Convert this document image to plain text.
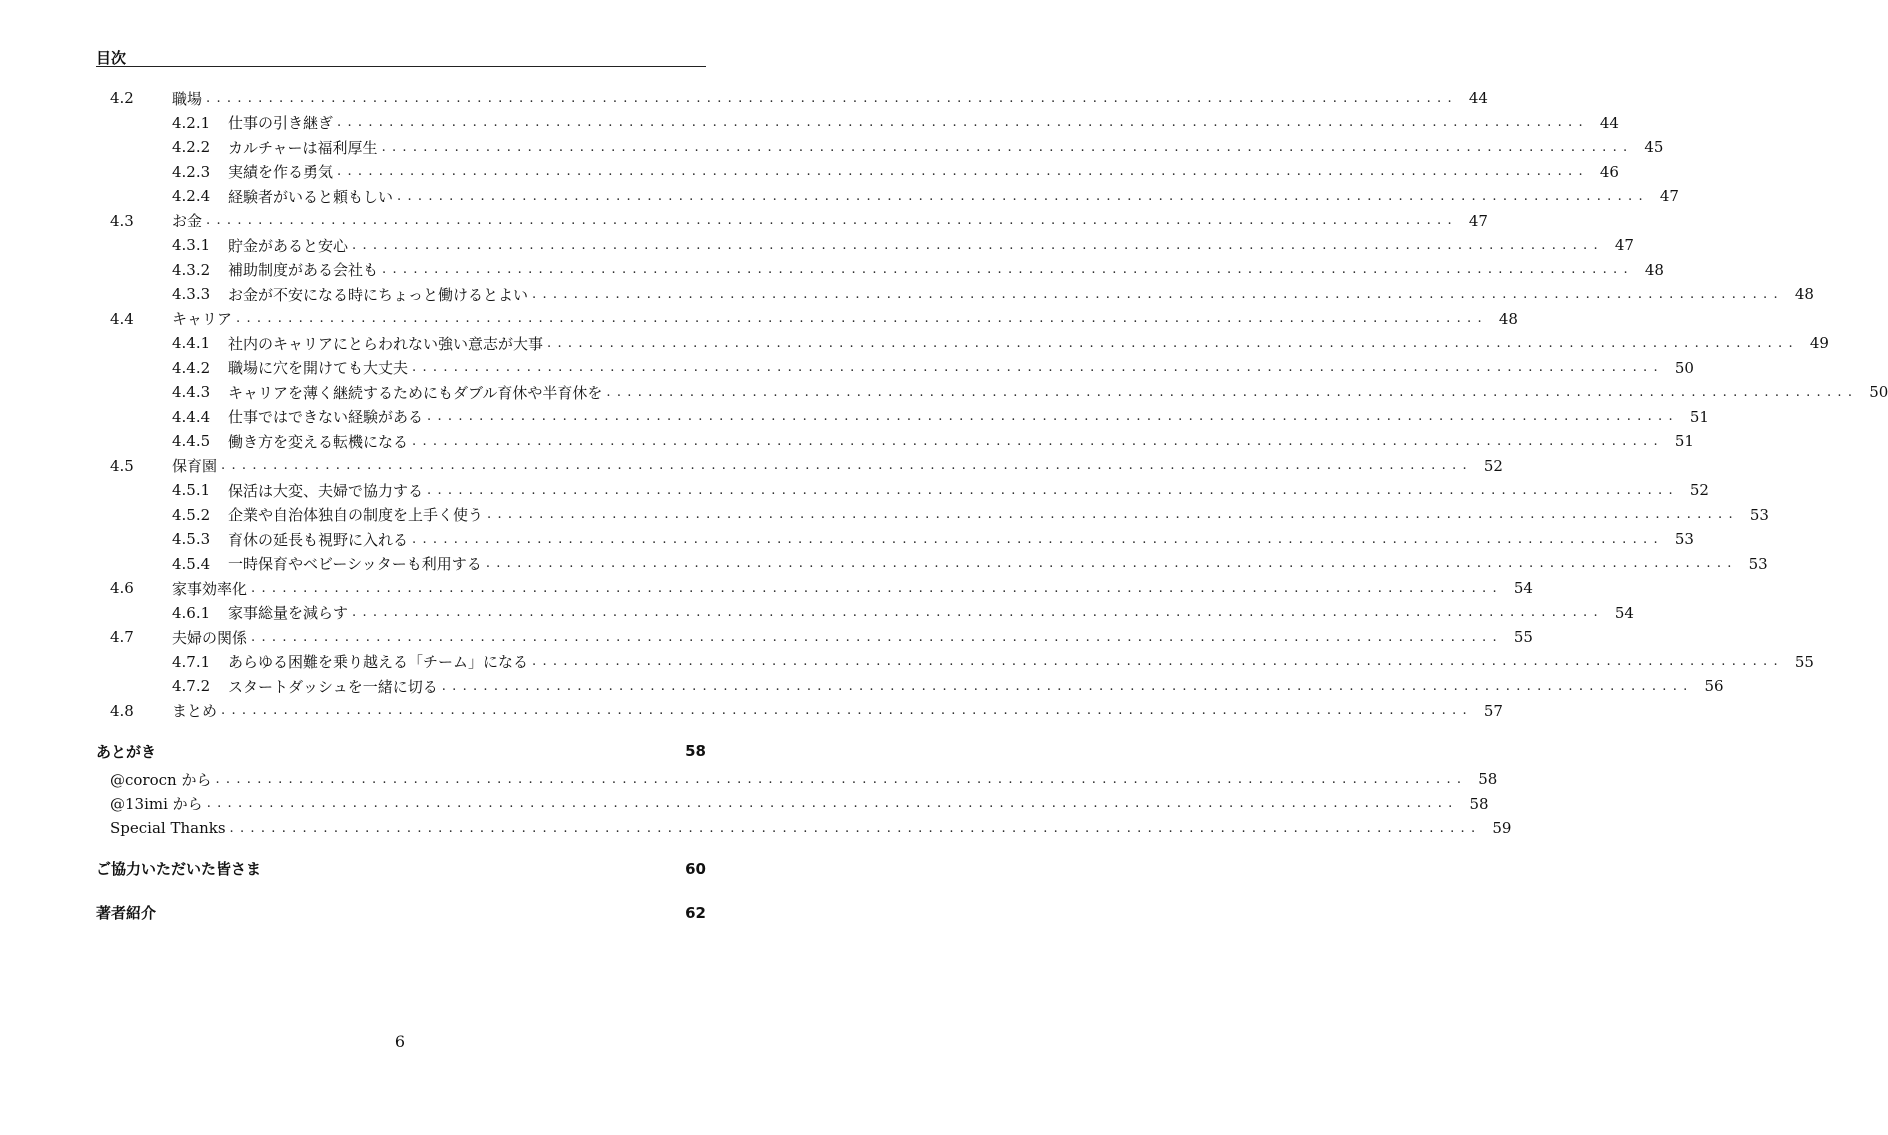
目次
4.2	職場 ........................................................................................................................ 44
4.2.1	仕事の引き継ぎ ........................................................................................................................ 44
4.2.2	カルチャーは福利厚生 ........................................................................................................................ 45
4.2.3	実績を作る勇気 ........................................................................................................................ 46
4.2.4	経験者がいると頼もしい ........................................................................................................................ 47
4.3	お金 ........................................................................................................................ 47
4.3.1	貯金があると安心 ........................................................................................................................ 47
4.3.2	補助制度がある会社も ........................................................................................................................ 48
4.3.3	お金が不安になる時にちょっと働けるとよい ........................................................................................................................ 48
4.4	キャリア ........................................................................................................................ 48
4.4.1	社内のキャリアにとらわれない強い意志が大事 ........................................................................................................................ 49
4.4.2	職場に穴を開けても大丈夫 ........................................................................................................................ 50
4.4.3	キャリアを薄く継続するためにもダブル育休や半育休を ........................................................................................................................ 50
4.4.4	仕事ではできない経験がある ........................................................................................................................ 51
4.4.5	働き方を変える転機になる ........................................................................................................................ 51
4.5	保育園 ........................................................................................................................ 52
4.5.1	保活は大変、夫婦で協力する ........................................................................................................................ 52
4.5.2	企業や自治体独自の制度を上手く使う ........................................................................................................................ 53
4.5.3	育休の延長も視野に入れる ........................................................................................................................ 53
4.5.4	一時保育やベビーシッターも利用する ........................................................................................................................ 53
4.6	家事効率化 ........................................................................................................................ 54
4.6.1	家事総量を減らす ........................................................................................................................ 54
4.7	夫婦の関係 ........................................................................................................................ 55
4.7.1	あらゆる困難を乗り越える「チーム」になる ........................................................................................................................ 55
4.7.2	スタートダッシュを一緒に切る ........................................................................................................................ 56
4.8	まとめ ........................................................................................................................ 57
あとがき	58
@corocn から ........................................................................................................................ 58
@13imi から ........................................................................................................................ 58
Special Thanks ........................................................................................................................ 59
ご協力いただいた皆さま	60
著者紹介	62
6
